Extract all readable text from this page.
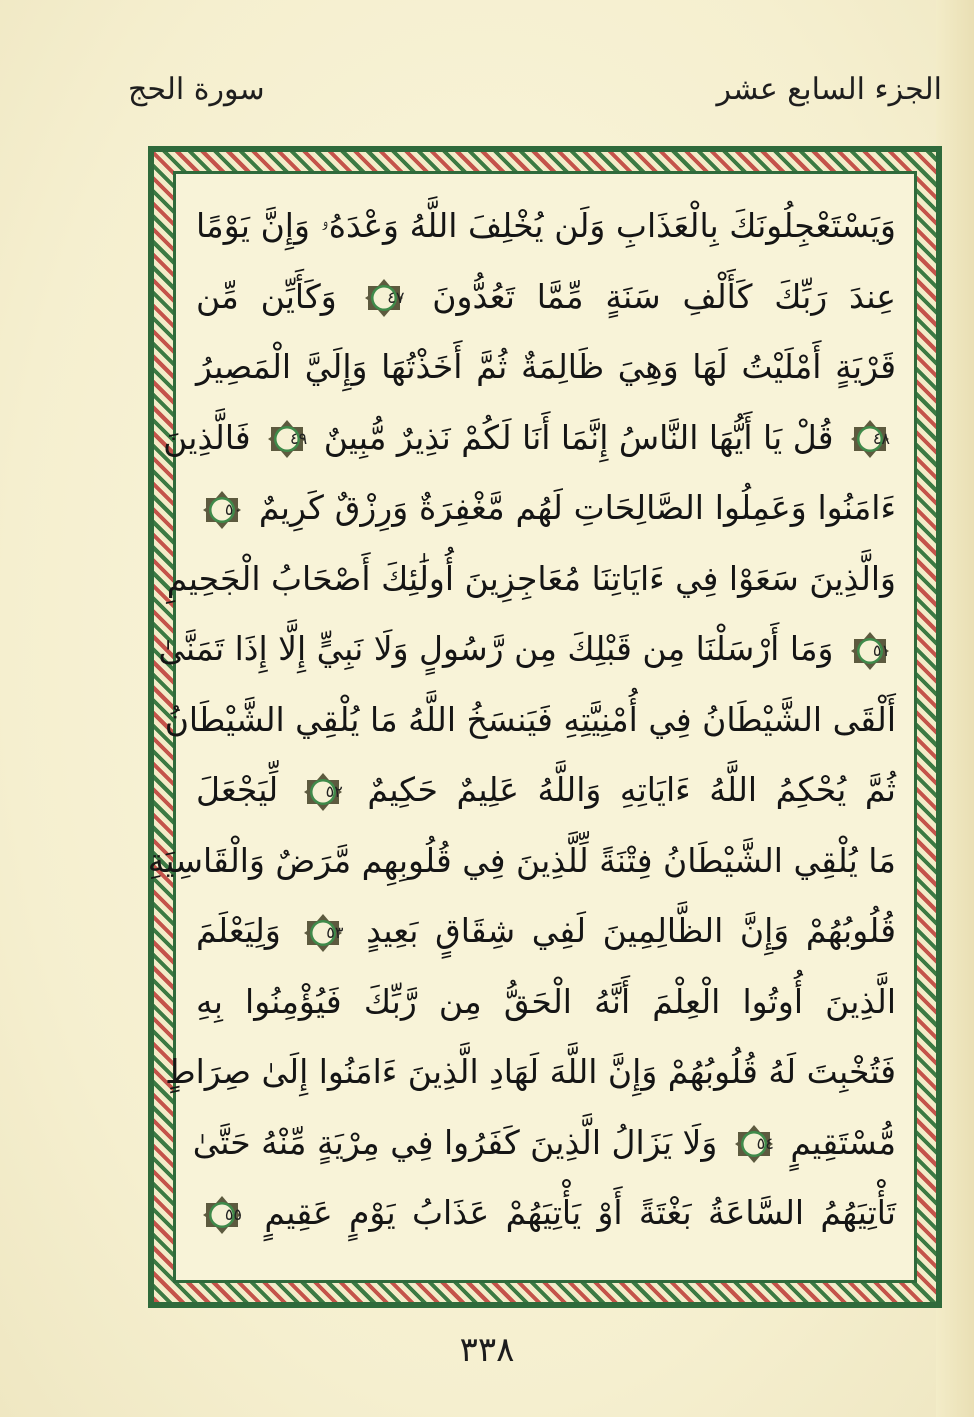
سورة الحج	الجزء السابع عشر
وَيَسْتَعْجِلُونَكَ بِالْعَذَابِ وَلَن يُخْلِفَ اللَّهُ وَعْدَهُۥ وَإِنَّ يَوْمًا
عِندَ رَبِّكَ كَأَلْفِ سَنَةٍ مِّمَّا تَعُدُّونَ
٤٧
وَكَأَيِّن مِّن
قَرْيَةٍ أَمْلَيْتُ لَهَا وَهِيَ ظَالِمَةٌ ثُمَّ أَخَذْتُهَا وَإِلَيَّ الْمَصِيرُ
٤٨
قُلْ يَا أَيُّهَا النَّاسُ إِنَّمَا أَنَا لَكُمْ نَذِيرٌ مُّبِينٌ
٤٩
فَالَّذِينَ
ءَامَنُوا وَعَمِلُوا الصَّالِحَاتِ لَهُم مَّغْفِرَةٌ وَرِزْقٌ كَرِيمٌ
٥٠
وَالَّذِينَ سَعَوْا فِي ءَايَاتِنَا مُعَاجِزِينَ أُولَٰئِكَ أَصْحَابُ الْجَحِيمِ
٥١
وَمَا أَرْسَلْنَا مِن قَبْلِكَ مِن رَّسُولٍ وَلَا نَبِيٍّ إِلَّا إِذَا تَمَنَّىٰ
أَلْقَى الشَّيْطَانُ فِي أُمْنِيَّتِهِ فَيَنسَخُ اللَّهُ مَا يُلْقِي الشَّيْطَانُ
ثُمَّ يُحْكِمُ اللَّهُ ءَايَاتِهِ وَاللَّهُ عَلِيمٌ حَكِيمٌ
٥٢
لِّيَجْعَلَ
مَا يُلْقِي الشَّيْطَانُ فِتْنَةً لِّلَّذِينَ فِي قُلُوبِهِم مَّرَضٌ وَالْقَاسِيَةِ
قُلُوبُهُمْ وَإِنَّ الظَّالِمِينَ لَفِي شِقَاقٍ بَعِيدٍ
٥٣
وَلِيَعْلَمَ
الَّذِينَ أُوتُوا الْعِلْمَ أَنَّهُ الْحَقُّ مِن رَّبِّكَ فَيُؤْمِنُوا بِهِ
فَتُخْبِتَ لَهُ قُلُوبُهُمْ وَإِنَّ اللَّهَ لَهَادِ الَّذِينَ ءَامَنُوا إِلَىٰ صِرَاطٍ
مُّسْتَقِيمٍ
٥٤
وَلَا يَزَالُ الَّذِينَ كَفَرُوا فِي مِرْيَةٍ مِّنْهُ حَتَّىٰ
تَأْتِيَهُمُ السَّاعَةُ بَغْتَةً أَوْ يَأْتِيَهُمْ عَذَابُ يَوْمٍ عَقِيمٍ
٥٥
٣٣٨
